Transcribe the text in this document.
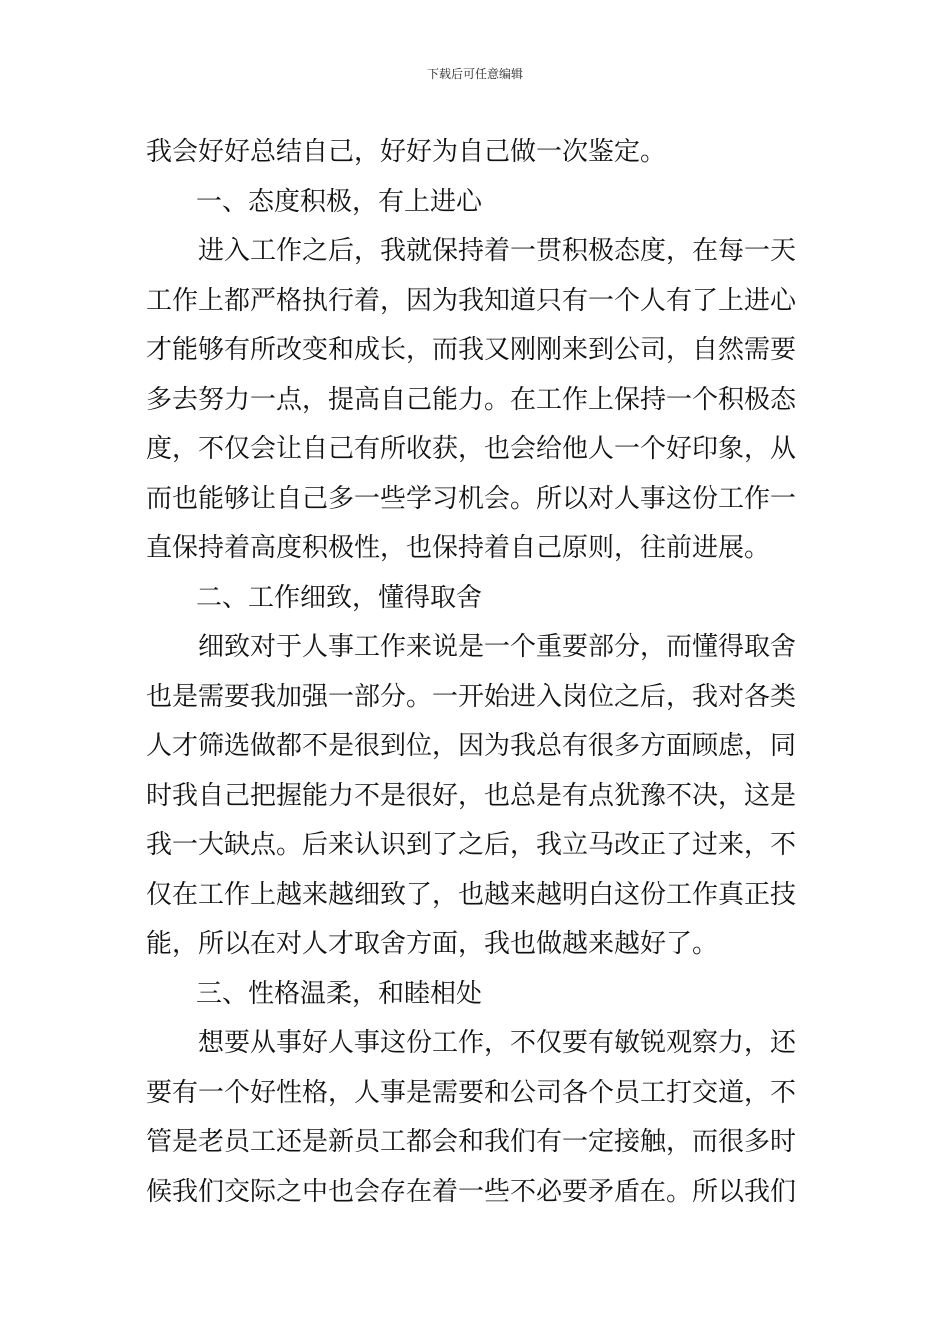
下载后可任意编辑
我会好好总结自己，好好为自己做一次鉴定。
一、态度积极，有上进心
进入工作之后，我就保持着一贯积极态度，在每一天
工作上都严格执行着，因为我知道只有一个人有了上进心
才能够有所改变和成长，而我又刚刚来到公司，自然需要
多去努力一点，提高自己能力。在工作上保持一个积极态
度，不仅会让自己有所收获，也会给他人一个好印象，从
而也能够让自己多一些学习机会。所以对人事这份工作一
直保持着高度积极性，也保持着自己原则，往前进展。
二、工作细致，懂得取舍
细致对于人事工作来说是一个重要部分，而懂得取舍
也是需要我加强一部分。一开始进入岗位之后，我对各类
人才筛选做都不是很到位，因为我总有很多方面顾虑，同
时我自己把握能力不是很好，也总是有点犹豫不决，这是
我一大缺点。后来认识到了之后，我立马改正了过来，不
仅在工作上越来越细致了，也越来越明白这份工作真正技
能，所以在对人才取舍方面，我也做越来越好了。
三、性格温柔，和睦相处
想要从事好人事这份工作，不仅要有敏锐观察力，还
要有一个好性格，人事是需要和公司各个员工打交道，不
管是老员工还是新员工都会和我们有一定接触，而很多时
候我们交际之中也会存在着一些不必要矛盾在。所以我们
